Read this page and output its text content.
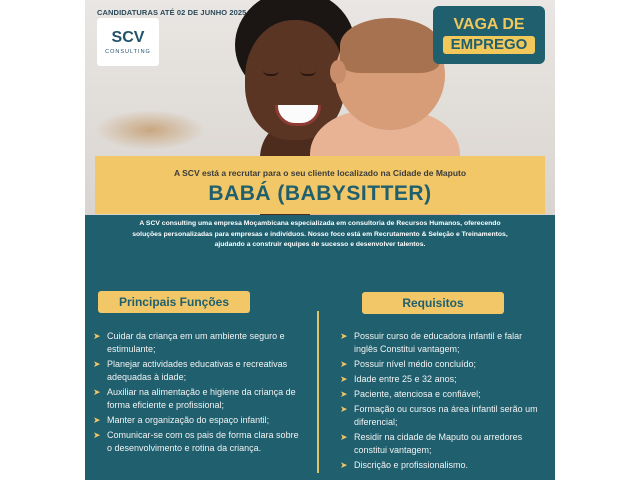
CANDIDATURAS ATÉ 02 DE JUNHO 2025
SCV
CONSULTING
VAGA DE
EMPREGO
A SCV está a recrutar para o seu cliente localizado na Cidade de Maputo
BABÁ (BABYSITTER)
A SCV consulting uma empresa Moçambicana especializada em consultoria de Recursos Humanos, oferecendo soluções personalizadas para empresas e indivíduos. Nosso foco está em Recrutamento & Seleção e Treinamentos, ajudando a construir equipes de sucesso e desenvolver talentos.
Principais Funções	Requisitos
➤ Cuidar da criança em um ambiente seguro e estimulante;
➤ Planejar actividades educativas e recreativas adequadas à idade;
➤ Auxiliar na alimentação e higiene da criança de forma eficiente e profissional;
➤ Manter a organização do espaço infantil;
➤ Comunicar-se com os pais de forma clara sobre o desenvolvimento e rotina da criança.
➤ Possuir curso de educadora infantil e falar inglês Constitui vantagem;
➤ Possuir nível médio concluído;
➤ Idade entre 25 e 32 anos;
➤ Paciente, atenciosa e confiável;
➤ Formação ou cursos na área infantil serão um diferencial;
➤ Residir na cidade de Maputo ou arredores constitui vantagem;
➤ Discrição e profissionalismo.
